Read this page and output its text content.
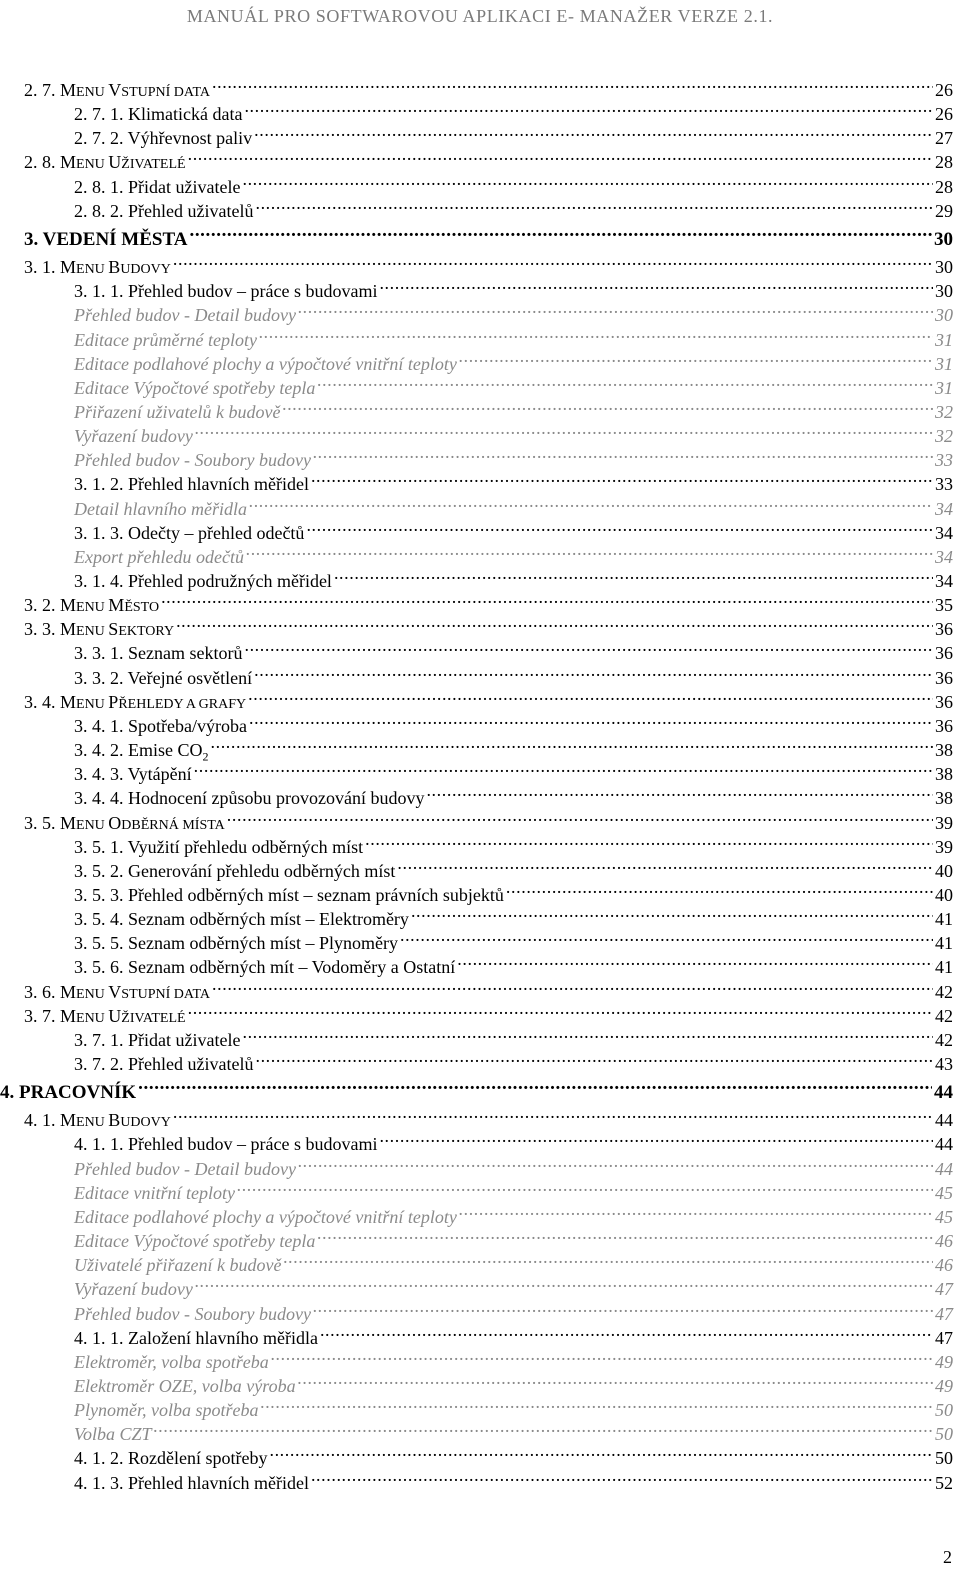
MANUÁL PRO SOFTWAROVOU APLIKACI E- MANAŽER VERZE 2.1.
2. 7. MENU VSTUPNÍ DATA .....	26
2. 7. 1. Klimatická data .....	26
2. 7. 2. Výhřevnost paliv .....	27
2. 8. MENU UŽIVATELÉ .....	28
2. 8. 1. Přidat uživatele .....	28
2. 8. 2. Přehled uživatelů .....	29
3. VEDENÍ MĚSTA .....	30
3. 1. MENU BUDOVY .....	30
3. 1. 1. Přehled budov – práce s budovami .....	30
Přehled budov - Detail budovy .....	30
Editace průměrné teploty .....	31
Editace podlahové plochy a výpočtové vnitřní teploty .....	31
Editace Výpočtové spotřeby tepla .....	31
Přiřazení uživatelů k budově .....	32
Vyřazení budovy .....	32
Přehled budov - Soubory budovy .....	33
3. 1. 2. Přehled hlavních měřidel .....	33
Detail hlavního měřidla .....	34
3. 1. 3. Odečty – přehled odečtů .....	34
Export přehledu odečtů .....	34
3. 1. 4. Přehled podružných měřidel .....	34
3. 2. MENU MĚSTO .....	35
3. 3. MENU SEKTORY .....	36
3. 3. 1. Seznam sektorů .....	36
3. 3. 2. Veřejné osvětlení .....	36
3. 4. MENU PŘEHLEDY A GRAFY .....	36
3. 4. 1. Spotřeba/výroba .....	36
3. 4. 2. Emise $CO_2$ .....	38
3. 4. 3. Vytápění .....	38
3. 4. 4. Hodnocení způsobu provozování budovy .....	38
3. 5. MENU ODBĚRNÁ MÍSTA .....	39
3. 5. 1. Využití přehledu odběrných míst .....	39
3. 5. 2. Generování přehledu odběrných míst .....	40
3. 5. 3. Přehled odběrných míst – seznam právních subjektů .....	40
3. 5. 4. Seznam odběrných míst – Elektroměry .....	41
3. 5. 5. Seznam odběrných míst – Plynoměry .....	41
3. 5. 6. Seznam odběrných mít – Vodoměry a Ostatní .....	41
3. 6. MENU VSTUPNÍ DATA .....	42
3. 7. MENU UŽIVATELÉ .....	42
3. 7. 1. Přidat uživatele .....	42
3. 7. 2. Přehled uživatelů .....	43
4. PRACOVNÍK .....	44
4. 1. MENU BUDOVY .....	44
4. 1. 1. Přehled budov – práce s budovami .....	44
Přehled budov - Detail budovy .....	44
Editace vnitřní teploty .....	45
Editace podlahové plochy a výpočtové vnitřní teploty .....	45
Editace Výpočtové spotřeby tepla .....	46
Uživatelé přiřazení k budově .....	46
Vyřazení budovy .....	47
Přehled budov - Soubory budovy .....	47
4. 1. 1. Založení hlavního měřidla .....	47
Elektroměr, volba spotřeba .....	49
Elektroměr OZE, volba výroba .....	49
Plynoměr, volba spotřeba .....	50
Volba CZT .....	50
4. 1. 2. Rozdělení spotřeby .....	50
4. 1. 3. Přehled hlavních měřidel .....	52
2
